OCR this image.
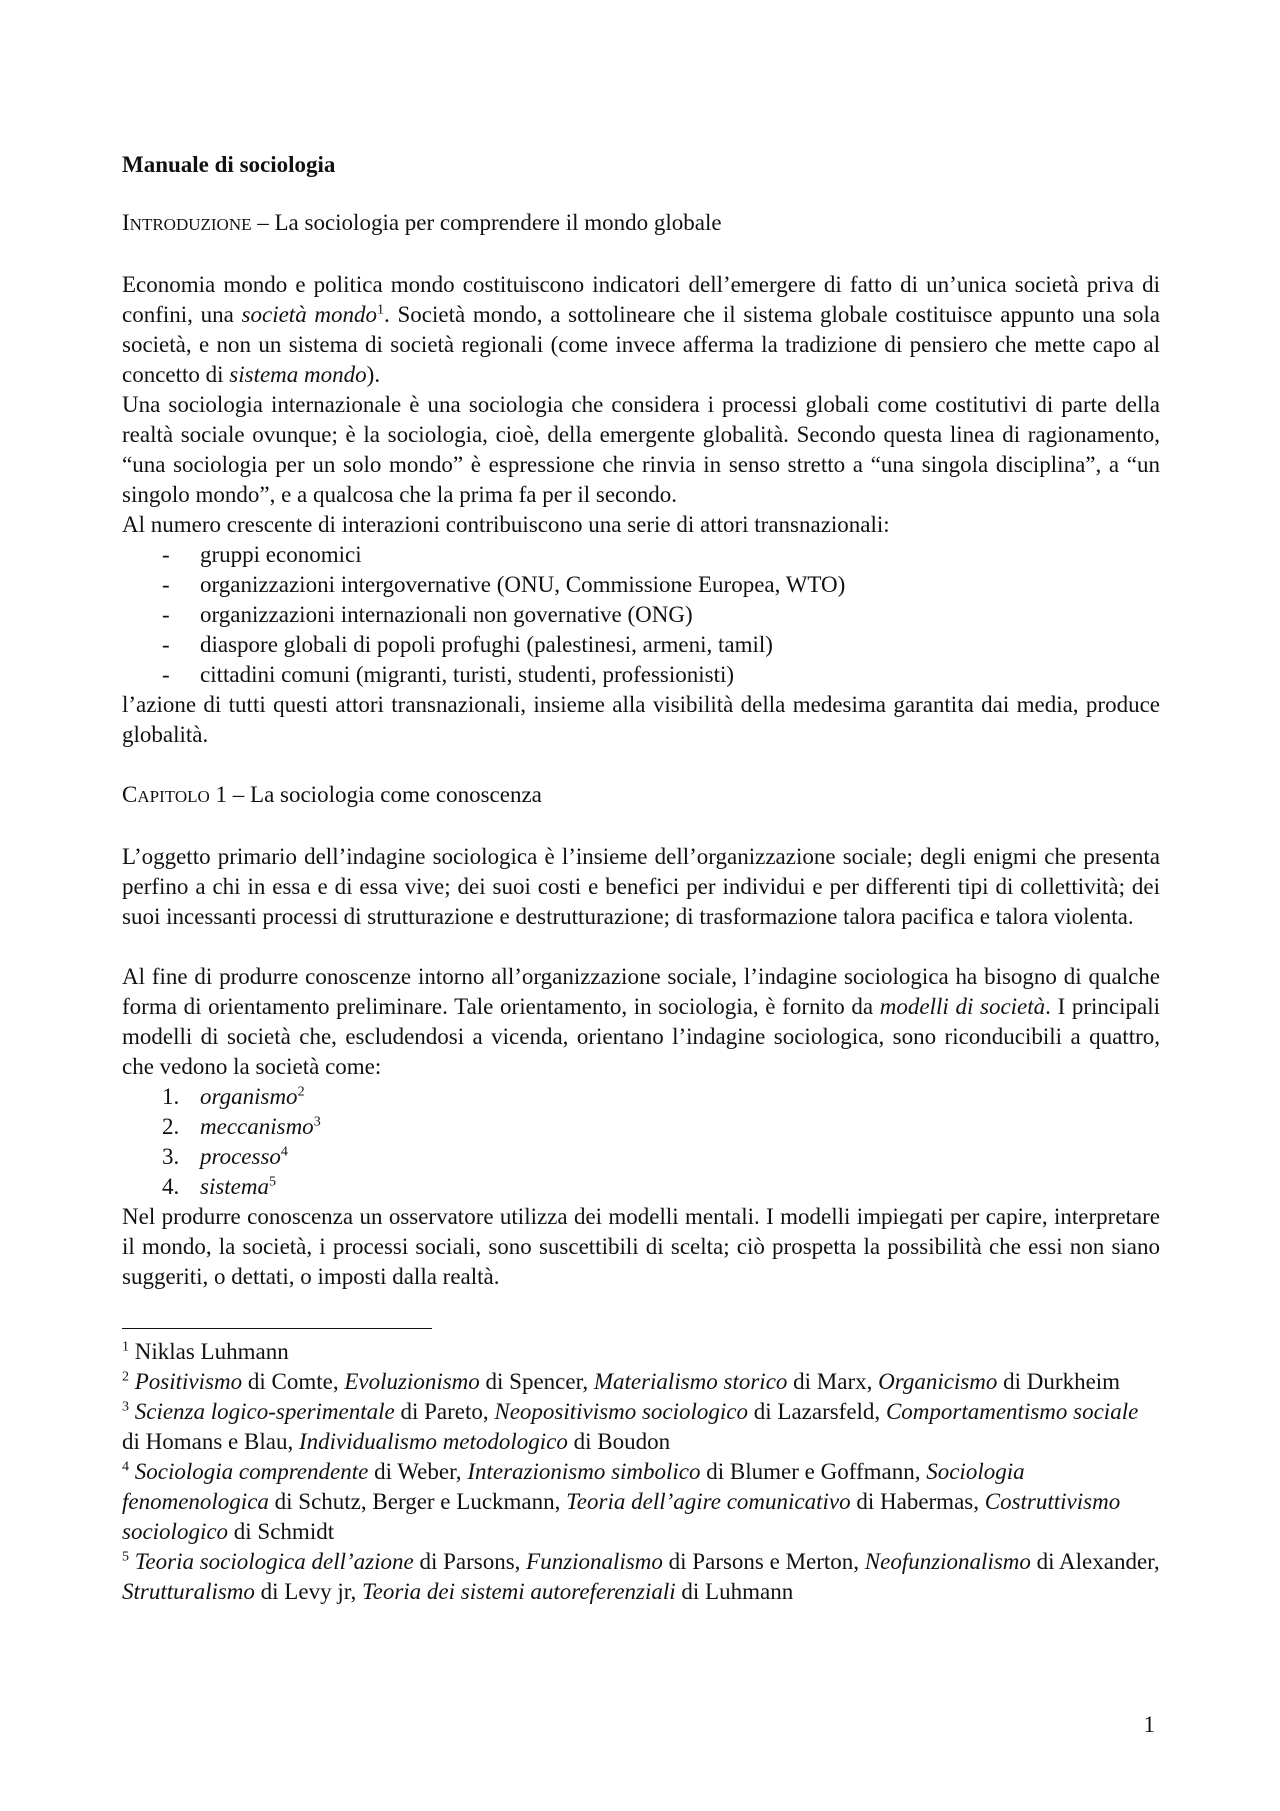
Manuale di sociologia
INTRODUZIONE – La sociologia per comprendere il mondo globale

Economia mondo e politica mondo costituiscono indicatori dell’emergere di fatto di un’unica società priva di confini, una società mondo$^1$. Società mondo, a sottolineare che il sistema globale costituisce appunto una sola società, e non un sistema di società regionali (come invece afferma la tradizione di pensiero che mette capo al concetto di sistema mondo).

Una sociologia internazionale è una sociologia che considera i processi globali come costitutivi di parte della realtà sociale ovunque; è la sociologia, cioè, della emergente globalità. Secondo questa linea di ragionamento, “una sociologia per un solo mondo” è espressione che rinvia in senso stretto a “una singola disciplina”, a “un singolo mondo”, e a qualcosa che la prima fa per il secondo.

Al numero crescente di interazioni contribuiscono una serie di attori transnazionali:

- gruppi economici
- organizzazioni intergovernative (ONU, Commissione Europea, WTO)
- organizzazioni internazionali non governative (ONG)
- diaspore globali di popoli profughi (palestinesi, armeni, tamil)
- cittadini comuni (migranti, turisti, studenti, professionisti)

l’azione di tutti questi attori transnazionali, insieme alla visibilità della medesima garantita dai media, produce globalità.

CAPITOLO 1 – La sociologia come conoscenza

L’oggetto primario dell’indagine sociologica è l’insieme dell’organizzazione sociale; degli enigmi che presenta perfino a chi in essa e di essa vive; dei suoi costi e benefici per individui e per differenti tipi di collettività; dei suoi incessanti processi di strutturazione e destrutturazione; di trasformazione talora pacifica e talora violenta.

Al fine di produrre conoscenze intorno all’organizzazione sociale, l’indagine sociologica ha bisogno di qualche forma di orientamento preliminare. Tale orientamento, in sociologia, è fornito da modelli di società. I principali modelli di società che, escludendosi a vicenda, orientano l’indagine sociologica, sono riconducibili a quattro, che vedono la società come:

1. organismo$^2$
2. meccanismo$^3$
3. processo$^4$
4. sistema$^5$

Nel produrre conoscenza un osservatore utilizza dei modelli mentali. I modelli impiegati per capire, interpretare il mondo, la società, i processi sociali, sono suscettibili di scelta; ciò prospetta la possibilità che essi non siano suggeriti, o dettati, o imposti dalla realtà.

$^1$ Niklas Luhmann

$^2$ Positivismo di Comte, Evoluzionismo di Spencer, Materialismo storico di Marx, Organicismo di Durkheim

$^3$ Scienza logico-sperimentale di Pareto, Neopositivismo sociologico di Lazarsfeld, Comportamentismo sociale di Homans e Blau, Individualismo metodologico di Boudon

$^4$ Sociologia comprendente di Weber, Interazionismo simbolico di Blumer e Goffmann, Sociologia fenomenologica di Schutz, Berger e Luckmann, Teoria dell’agire comunicativo di Habermas, Costruttivismo sociologico di Schmidt

$^5$ Teoria sociologica dell’azione di Parsons, Funzionalismo di Parsons e Merton, Neofunzionalismo di Alexander, Strutturalismo di Levy jr, Teoria dei sistemi autoreferenziali di Luhmann

1
